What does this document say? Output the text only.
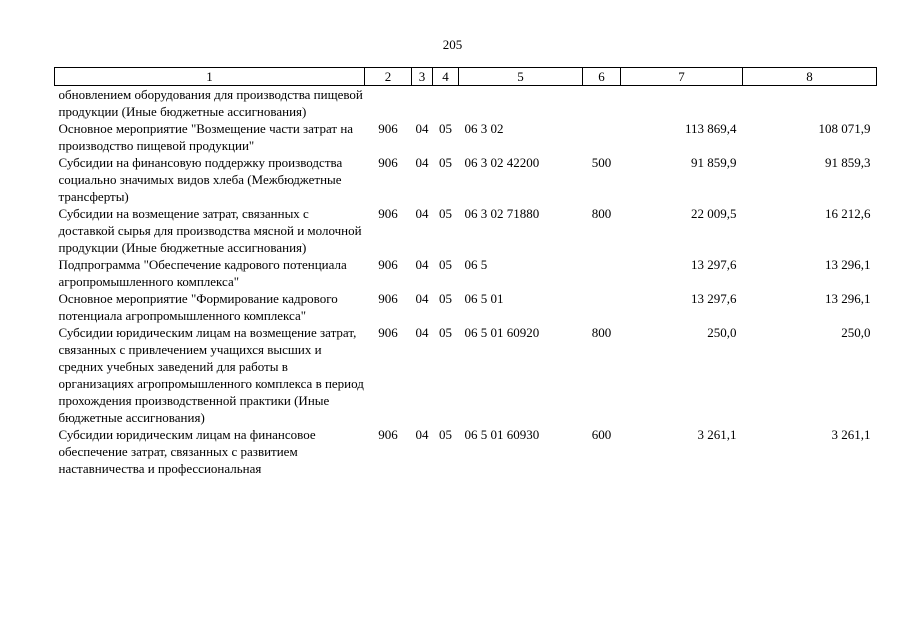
205
1	2	3	4	5	6	7	8
обновлением оборудования для производства пищевой продукции (Иные бюджетные ассигнования)							
Основное мероприятие "Возмещение части затрат на производство пищевой продукции"	906	04	05	06 3 02		113 869,4	108 071,9
Субсидии на финансовую поддержку производства социально значимых видов хлеба (Межбюджетные трансферты)	906	04	05	06 3 02 42200	500	91 859,9	91 859,3
Субсидии на возмещение затрат, связанных с доставкой сырья для производства мясной и молочной продукции (Иные бюджетные ассигнования)	906	04	05	06 3 02 71880	800	22 009,5	16 212,6
Подпрограмма "Обеспечение кадрового потенциала агропромышленного комплекса"	906	04	05	06 5		13 297,6	13 296,1
Основное мероприятие "Формирование кадрового потенциала агропромышленного комплекса"	906	04	05	06 5 01		13 297,6	13 296,1
Субсидии юридическим лицам на возмещение затрат, связанных с привлечением учащихся высших и средних учебных заведений для работы в организациях агропромышленного комплекса в период прохождения производственной практики (Иные бюджетные ассигнования)	906	04	05	06 5 01 60920	800	250,0	250,0
Субсидии юридическим лицам на финансовое обеспечение затрат, связанных с развитием наставничества и профессиональная	906	04	05	06 5 01 60930	600	3 261,1	3 261,1
